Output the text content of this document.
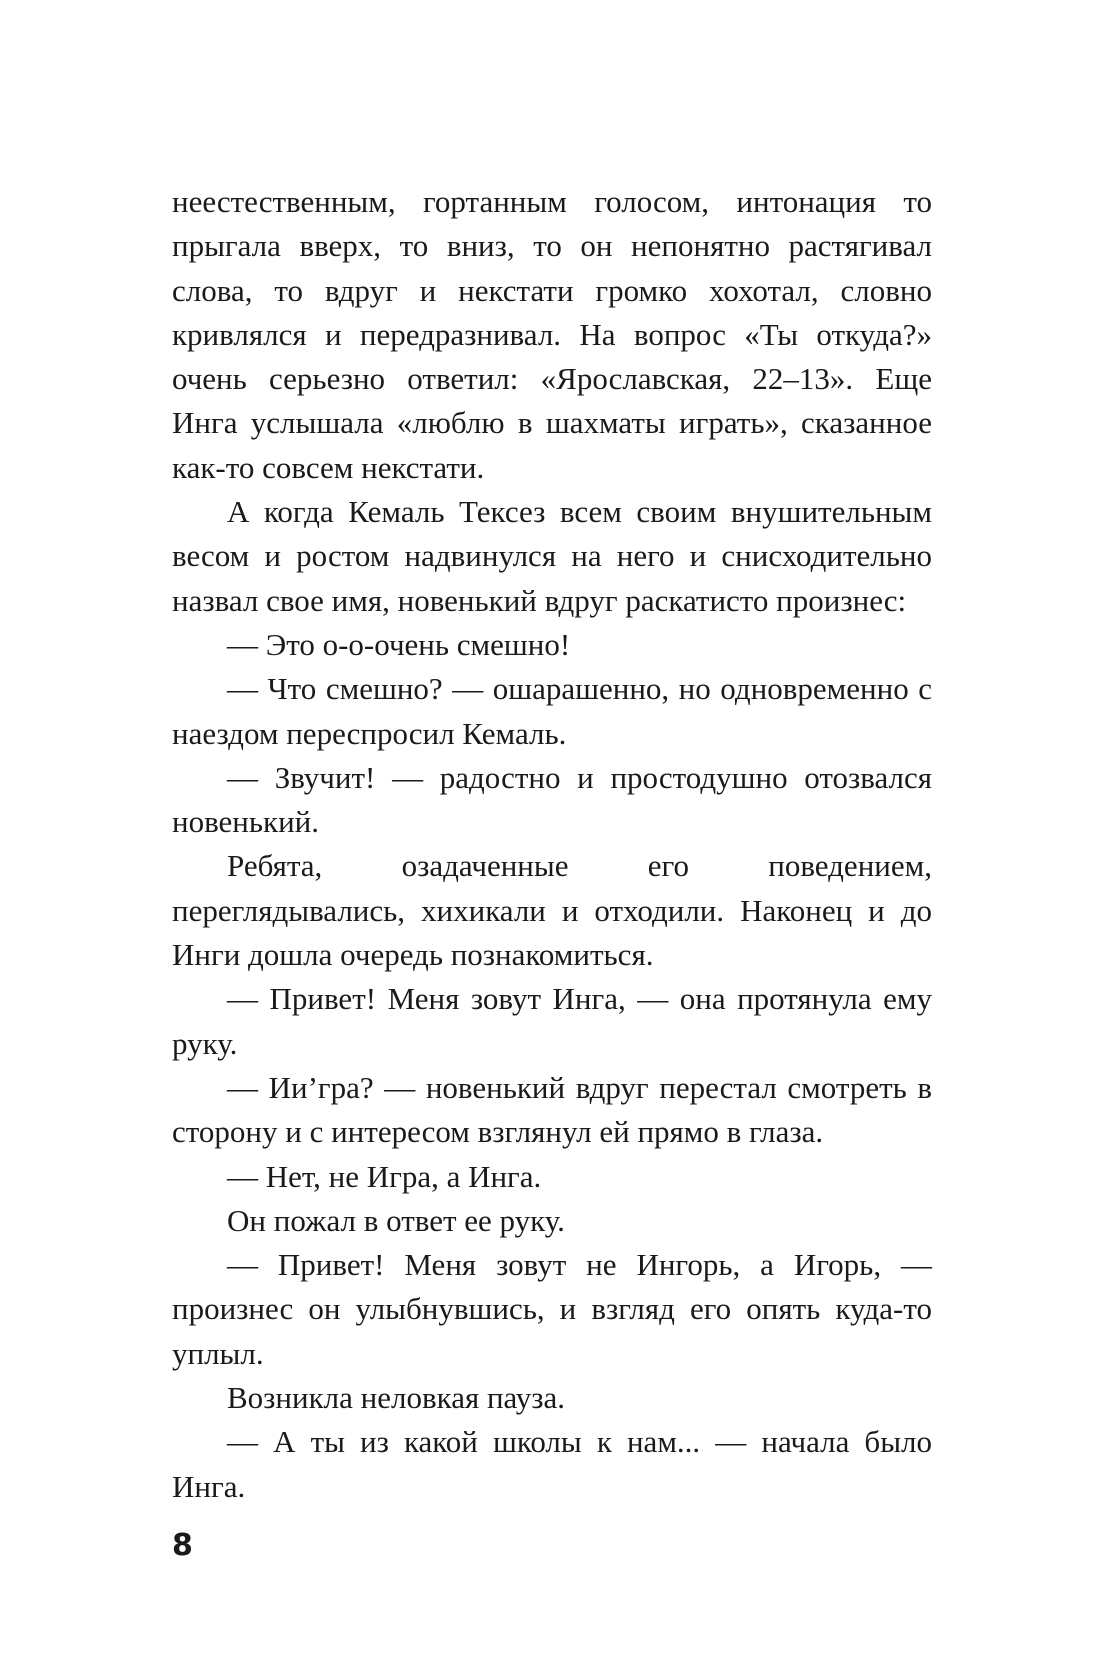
неестественным, гортанным голосом, интонация то прыгала вверх, то вниз, то он непонятно растягивал слова, то вдруг и некстати громко хохотал, словно кривлялся и передразнивал. На вопрос «Ты откуда?» очень серьезно ответил: «Ярославская, 22–13». Еще Инга услышала «люблю в шахматы играть», сказанное как-то совсем некстати.

А когда Кемаль Тексез всем своим внушительным весом и ростом надвинулся на него и снисходительно назвал свое имя, новенький вдруг раскатисто произнес:

— Это о-о-очень смешно!

— Что смешно? — ошарашенно, но одновременно с наездом переспросил Кемаль.

— Звучит! — радостно и простодушно отозвался новенький.

Ребята, озадаченные его поведением, переглядывались, хихикали и отходили. Наконец и до Инги дошла очередь познакомиться.

— Привет! Меня зовут Инга, — она протянула ему руку.

— Ии’гра? — новенький вдруг перестал смотреть в сторону и с интересом взглянул ей прямо в глаза.

— Нет, не Игра, а Инга.

Он пожал в ответ ее руку.

— Привет! Меня зовут не Ингорь, а Игорь, — произнес он улыбнувшись, и взгляд его опять куда-то уплыл.

Возникла неловкая пауза.

— А ты из какой школы к нам... — начала было Инга.

8
